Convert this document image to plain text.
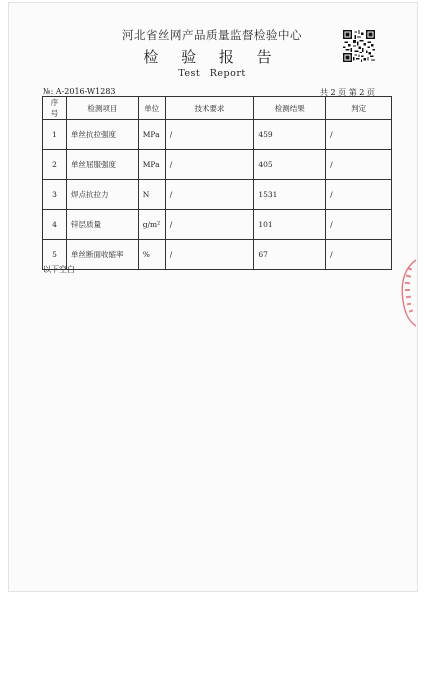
河北省丝网产品质量监督检验中心
检 验 报 告
Test Report
№: A-2016-W1283	共 2 页 第 2 页
序号	检测项目	单位	技术要求	检测结果	判定
1	单丝抗拉强度	MPa	/	459	/
2	单丝屈服强度	MPa	/	405	/
3	焊点抗拉力	N	/	1531	/
4	锌层质量	g/m²	/	101	/
5	单丝断面收缩率	%	/	67	/
以下空白
